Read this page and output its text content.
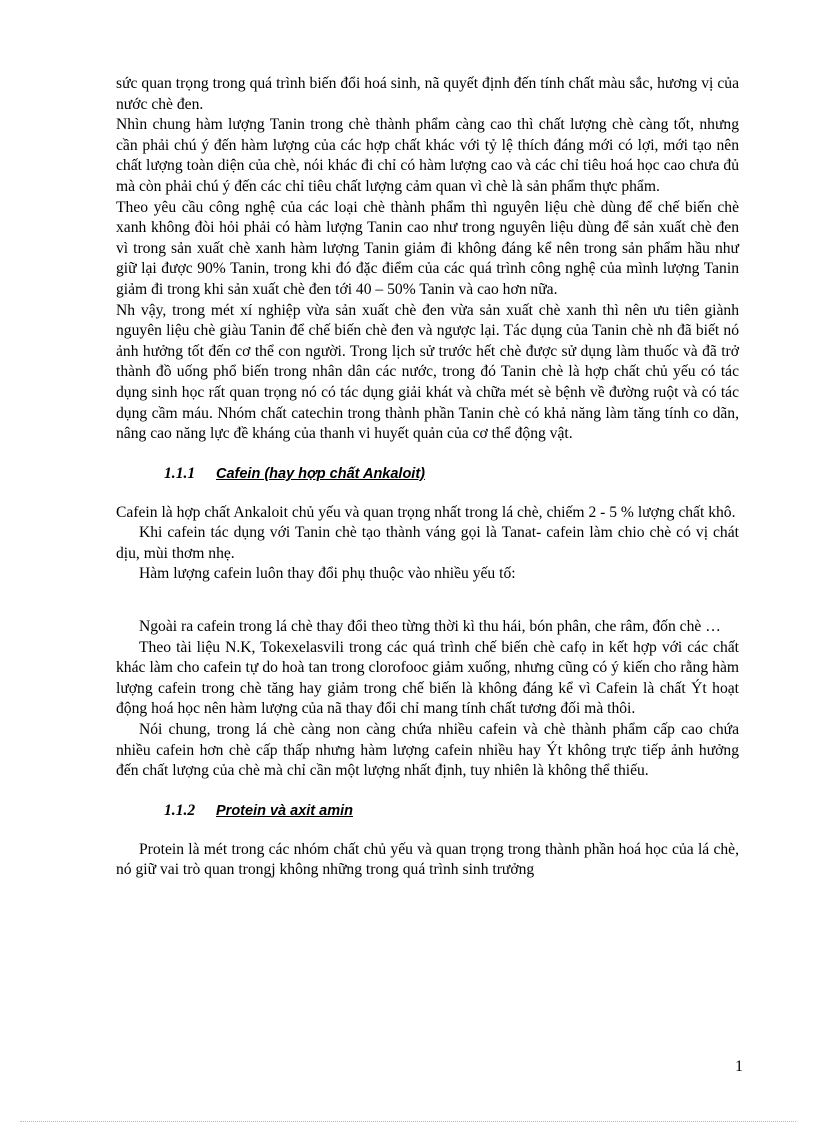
sức quan trọng trong quá trình biến đổi hoá sinh, nã quyết định đến tính chất màu sắc, hương vị của nước chè đen.

Nhìn chung hàm lượng Tanin trong chè thành phẩm càng cao thì chất lượng chè càng tốt, nhưng cần phải chú ý đến hàm lượng của các hợp chất khác với tỷ lệ thích đáng mới có lợi, mới tạo nên chất lượng toàn diện của chè, nói khác đi chỉ có hàm lượng cao và các chỉ tiêu hoá học cao chưa đủ mà còn phải chú ý đến các chỉ tiêu chất lượng cảm quan vì chè là sản phẩm thực phẩm.

Theo yêu cầu công nghệ của các loại chè thành phẩm thì nguyên liệu chè dùng để chế biến chè xanh không đòi hỏi phải có hàm lượng Tanin cao như trong nguyên liệu dùng để sản xuất chè đen vì trong sản xuất chè xanh hàm lượng Tanin giảm đi không đáng kể nên trong sản phẩm hầu như giữ lại được 90% Tanin, trong khi đó đặc điểm của các quá trình công nghệ của mình lượng Tanin giảm đi trong khi sản xuất chè đen tới 40 – 50% Tanin và cao hơn nữa.

Nh vậy, trong mét xí nghiệp vừa sản xuất chè đen vừa sản xuất chè xanh thì nên ưu tiên giành nguyên liệu chè giàu Tanin để chế biến chè đen và ngược lại. Tác dụng của Tanin chè nh đã biết nó ảnh hưởng tốt đến cơ thể con người. Trong lịch sử trước hết chè được sử dụng làm thuốc và đã trở thành đồ uống phổ biến trong nhân dân các nước, trong đó Tanin chè là hợp chất chủ yếu có tác dụng sinh học rất quan trọng nó có tác dụng giải khát và chữa mét sè bệnh về đường ruột và có tác dụng cầm máu. Nhóm chất catechin trong thành phần Tanin chè có khả năng làm tăng tính co dãn, nâng cao năng lực đề kháng của thanh vi huyết quản của cơ thể động vật.

1.1.1	Cafein (hay hợp chất Ankaloit)

Cafein là hợp chất Ankaloit chủ yếu và quan trọng nhất trong lá chè, chiếm 2 - 5 % lượng chất khô.

Khi cafein tác dụng với Tanin chè tạo thành váng gọi là Tanat- cafein làm chio chè có vị chát dịu, mùi thơm nhẹ.

Hàm lượng cafein luôn thay đổi phụ thuộc vào nhiều yếu tố:

Ngoài ra cafein trong lá chè thay đổi theo từng thời kì thu hái, bón phân, che râm, đốn chè …

Theo tài liệu N.K, Tokexelasvili trong các quá trình chế biến chè cafọ in kết hợp với các chất khác làm cho cafein tự do hoà tan trong clorofooc giảm xuống, nhưng cũng có ý kiến cho rằng hàm lượng cafein trong chè tăng hay giảm trong chế biến là không đáng kể vì Cafein là chất Ýt hoạt động hoá học nên hàm lượng của nã thay đổi chỉ mang tính chất tương đối mà thôi.

Nói chung, trong lá chè càng non càng chứa nhiều cafein và chè thành phẩm cấp cao chứa nhiều cafein hơn chè cấp thấp nhưng hàm lượng cafein nhiều hay Ýt không trực tiếp ảnh hưởng đến chất lượng của chè mà chỉ cần một lượng nhất định, tuy nhiên là không thể thiếu.

1.1.2	Protein và axit amin

Protein là mét trong các nhóm chất chủ yếu và quan trọng trong thành phần hoá học của lá chè, nó giữ vai trò quan trongj không những trong quá trình sinh trưởng

1
